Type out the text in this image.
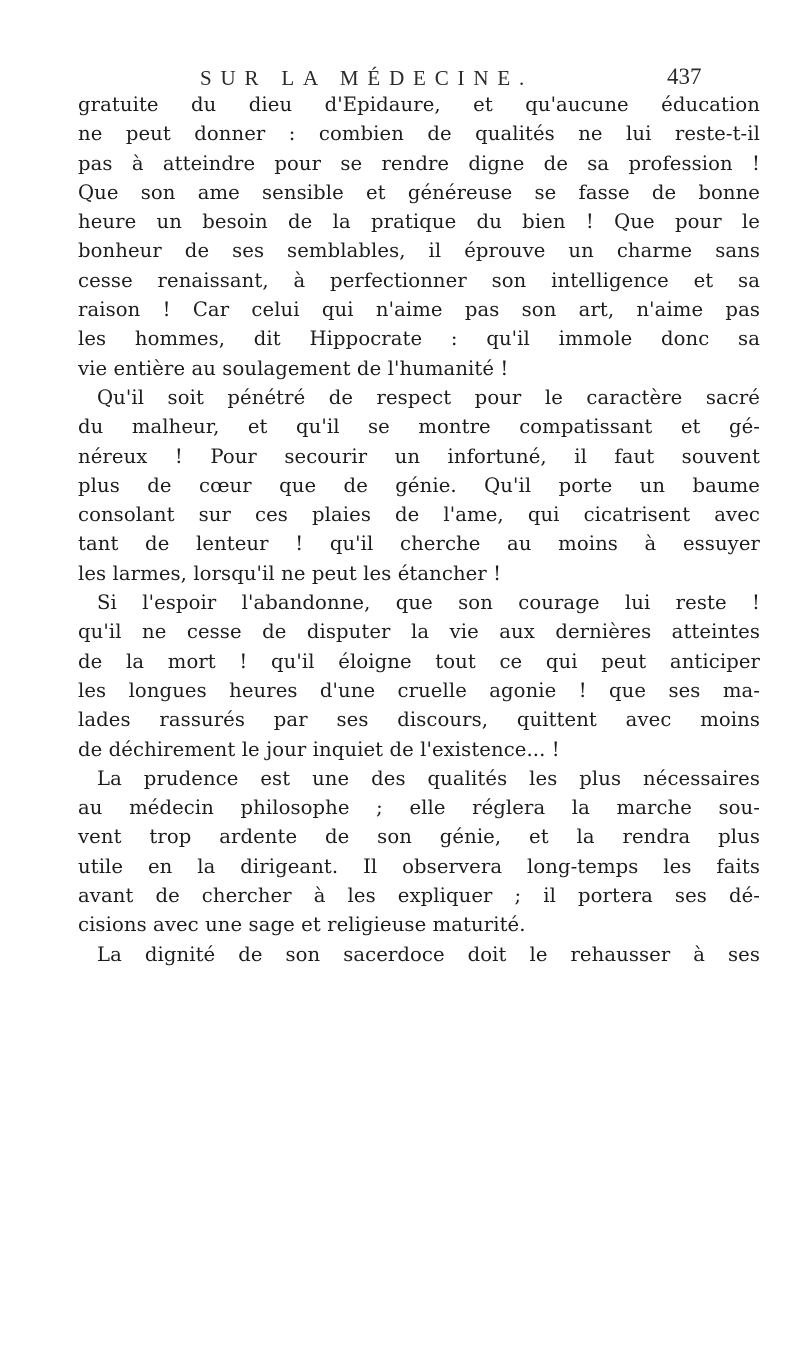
SUR LA MÉDECINE.	437
gratuite du dieu d'Epidaure, et qu'aucune éducation
ne peut donner : combien de qualités ne lui reste-t-il
pas à atteindre pour se rendre digne de sa profession !
Que son ame sensible et généreuse se fasse de bonne
heure un besoin de la pratique du bien ! Que pour le
bonheur de ses semblables, il éprouve un charme sans
cesse renaissant, à perfectionner son intelligence et sa
raison ! Car celui qui n'aime pas son art, n'aime pas
les hommes, dit Hippocrate : qu'il immole donc sa
vie entière au soulagement de l'humanité !
Qu'il soit pénétré de respect pour le caractère sacré
du malheur, et qu'il se montre compatissant et gé-
néreux ! Pour secourir un infortuné, il faut souvent
plus de cœur que de génie. Qu'il porte un baume
consolant sur ces plaies de l'ame, qui cicatrisent avec
tant de lenteur ! qu'il cherche au moins à essuyer
les larmes, lorsqu'il ne peut les étancher !
Si l'espoir l'abandonne, que son courage lui reste !
qu'il ne cesse de disputer la vie aux dernières atteintes
de la mort ! qu'il éloigne tout ce qui peut anticiper
les longues heures d'une cruelle agonie ! que ses ma-
lades rassurés par ses discours, quittent avec moins
de déchirement le jour inquiet de l'existence... !
La prudence est une des qualités les plus nécessaires
au médecin philosophe ; elle réglera la marche sou-
vent trop ardente de son génie, et la rendra plus
utile en la dirigeant. Il observera long-temps les faits
avant de chercher à les expliquer ; il portera ses dé-
cisions avec une sage et religieuse maturité.
La dignité de son sacerdoce doit le rehausser à ses
